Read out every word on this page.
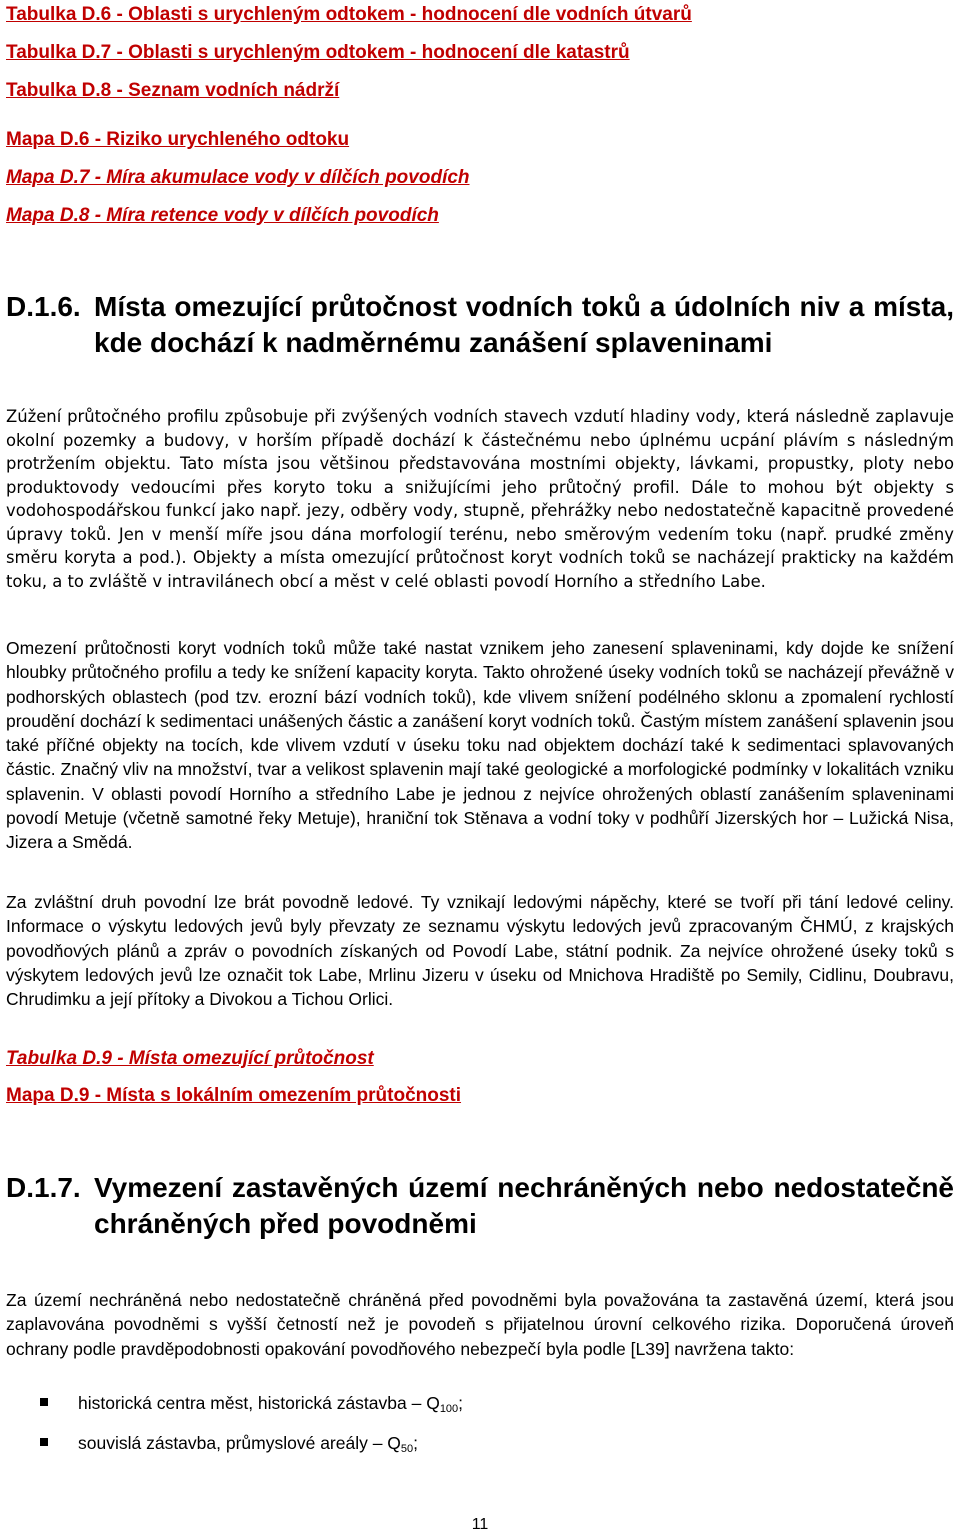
Tabulka D.6 - Oblasti s urychleným odtokem - hodnocení dle vodních útvarů
Tabulka D.7 - Oblasti s urychleným odtokem - hodnocení dle katastrů
Tabulka D.8 - Seznam vodních nádrží
Mapa D.6 - Riziko urychleného odtoku
Mapa D.7 - Míra akumulace vody v dílčích povodích
Mapa D.8 - Míra retence vody v dílčích povodích
D.1.6. Místa omezující průtočnost vodních toků a údolních niv a místa, kde dochází k nadměrnému zanášení splaveninami

Zúžení průtočného profilu způsobuje při zvýšených vodních stavech vzdutí hladiny vody, která následně zaplavuje okolní pozemky a budovy, v horším případě dochází k částečnému nebo úplnému ucpání plávím s následným protržením objektu. Tato místa jsou většinou představována mostními objekty, lávkami, propustky, ploty nebo produktovody vedoucími přes koryto toku a snižujícími jeho průtočný profil. Dále to mohou být objekty s vodohospodářskou funkcí jako např. jezy, odběry vody, stupně, přehrážky nebo nedostatečně kapacitně provedené úpravy toků. Jen v menší míře jsou dána morfologií terénu, nebo směrovým vedením toku (např. prudké změny směru koryta a pod.). Objekty a místa omezující průtočnost koryt vodních toků se nacházejí prakticky na každém toku, a to zvláště v intravilánech obcí a měst v celé oblasti povodí Horního a středního Labe.

Omezení průtočnosti koryt vodních toků může také nastat vznikem jeho zanesení splaveninami, kdy dojde ke snížení hloubky průtočného profilu a tedy ke snížení kapacity koryta. Takto ohrožené úseky vodních toků se nacházejí převážně v podhorských oblastech (pod tzv. erozní bází vodních toků), kde vlivem snížení podélného sklonu a zpomalení rychlostí proudění dochází k sedimentaci unášených částic a zanášení koryt vodních toků. Častým místem zanášení splavenin jsou také příčné objekty na tocích, kde vlivem vzdutí v úseku toku nad objektem dochází také k sedimentaci splavovaných částic. Značný vliv na množství, tvar a velikost splavenin mají také geologické a morfologické podmínky v lokalitách vzniku splavenin. V oblasti povodí Horního a středního Labe je jednou z nejvíce ohrožených oblastí zanášením splaveninami povodí Metuje (včetně samotné řeky Metuje), hraniční tok Stěnava a vodní toky v podhůří Jizerských hor – Lužická Nisa, Jizera a Smědá.

Za zvláštní druh povodní lze brát povodně ledové. Ty vznikají ledovými nápěchy, které se tvoří při tání ledové celiny. Informace o výskytu ledových jevů byly převzaty ze seznamu výskytu ledových jevů zpracovaným ČHMÚ, z krajských povodňových plánů a zpráv o povodních získaných od Povodí Labe, státní podnik. Za nejvíce ohrožené úseky toků s výskytem ledových jevů lze označit tok Labe, Mrlinu Jizeru v úseku od Mnichova Hradiště po Semily, Cidlinu, Doubravu, Chrudimku a její přítoky a Divokou a Tichou Orlici.

Tabulka D.9 - Místa omezující průtočnost
Mapa D.9 - Místa s lokálním omezením průtočnosti
D.1.7. Vymezení zastavěných území nechráněných nebo nedostatečně chráněných před povodněmi

Za území nechráněná nebo nedostatečně chráněná před povodněmi byla považována ta zastavěná území, která jsou zaplavována povodněmi s vyšší četností než je povodeň s přijatelnou úrovní celkového rizika. Doporučená úroveň ochrany podle pravděpodobnosti opakování povodňového nebezpečí byla podle [L39] navržena takto:

historická centra měst, historická zástavba – $Q_{100}$;
souvislá zástavba, průmyslové areály – $Q_{50}$;
11
